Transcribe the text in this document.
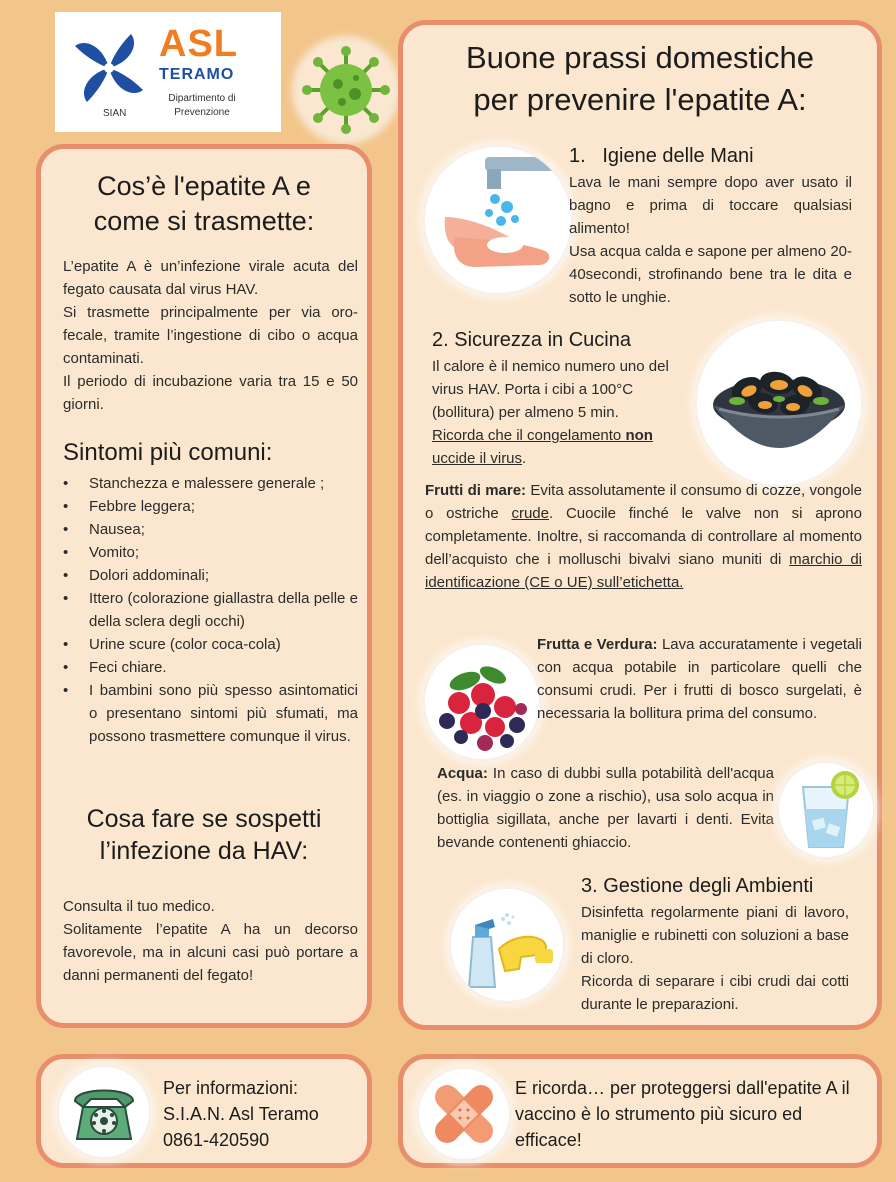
ASL
TERAMO
SIAN
Dipartimento di
Prevenzione
Cos’è l'epatite A e
come si trasmette:
L’epatite A è un’infezione virale acuta del fegato causata dal virus HAV.
Si trasmette principalmente per via oro-fecale, tramite l’ingestione di cibo o acqua contaminati.
Il periodo di incubazione varia tra 15 e 50 giorni.
Sintomi più comuni:
• Stanchezza e malessere generale ;
• Febbre leggera;
• Nausea;
• Vomito;
• Dolori addominali;
• Ittero (colorazione giallastra della pelle e della sclera degli occhi)
• Urine scure (color coca-cola)
• Feci chiare.
• I bambini sono più spesso asintomatici o presentano sintomi più sfumati, ma possono trasmettere comunque il virus.
Cosa fare se sospetti
l’infezione da HAV:
Consulta il tuo medico.
Solitamente l’epatite A ha un decorso favorevole, ma in alcuni casi può portare a danni permanenti del fegato!
Buone prassi domestiche
per prevenire l'epatite A:
1. Igiene delle Mani
Lava le mani sempre dopo aver usato il bagno e prima di toccare qualsiasi alimento!
Usa acqua calda e sapone per almeno 20-40secondi, strofinando bene tra le dita e sotto le unghie.
2. Sicurezza in Cucina
Il calore è il nemico numero uno del virus HAV. Porta i cibi a 100°C (bollitura) per almeno 5 min.
Ricorda che il congelamento non uccide il virus.
Frutti di mare: Evita assolutamente il consumo di cozze, vongole o ostriche crude. Cuocile finché le valve non si aprono completamente. Inoltre, si raccomanda di controllare al momento dell’acquisto che i molluschi bivalvi siano muniti di marchio di identificazione (CE o UE) sull’etichetta.
Frutta e Verdura: Lava accuratamente i vegetali con acqua potabile in particolare quelli che consumi crudi. Per i frutti di bosco surgelati, è necessaria la bollitura prima del consumo.
Acqua: In caso di dubbi sulla potabilità dell'acqua (es. in viaggio o zone a rischio), usa solo acqua in bottiglia sigillata, anche per lavarti i denti. Evita bevande contenenti ghiaccio.
3. Gestione degli Ambienti
Disinfetta regolarmente piani di lavoro, maniglie e rubinetti con soluzioni a base di cloro.
Ricorda di separare i cibi crudi dai cotti durante le preparazioni.
Per informazioni:
S.I.A.N. Asl Teramo
0861-420590
E ricorda… per proteggersi dall'epatite A il vaccino è lo strumento più sicuro ed efficace!
